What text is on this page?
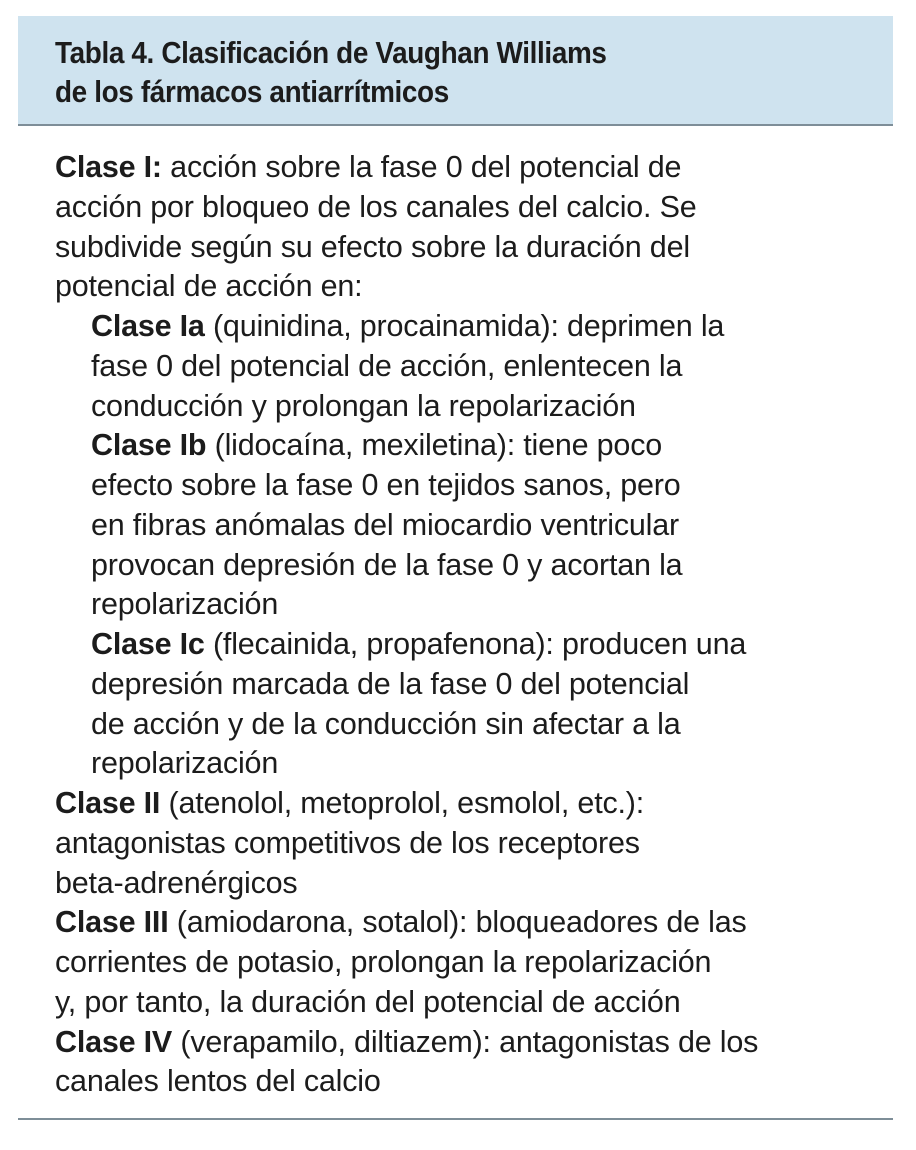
Tabla 4. Clasificación de Vaughan Williams
de los fármacos antiarrítmicos

Clase I: acción sobre la fase 0 del potencial de
acción por bloqueo de los canales del calcio. Se
subdivide según su efecto sobre la duración del
potencial de acción en:

Clase Ia (quinidina, procainamida): deprimen la
fase 0 del potencial de acción, enlentecen la
conducción y prolongan la repolarización

Clase Ib (lidocaína, mexiletina): tiene poco
efecto sobre la fase 0 en tejidos sanos, pero
en fibras anómalas del miocardio ventricular
provocan depresión de la fase 0 y acortan la
repolarización

Clase Ic (flecainida, propafenona): producen una
depresión marcada de la fase 0 del potencial
de acción y de la conducción sin afectar a la
repolarización

Clase II (atenolol, metoprolol, esmolol, etc.):
antagonistas competitivos de los receptores
beta-adrenérgicos

Clase III (amiodarona, sotalol): bloqueadores de las
corrientes de potasio, prolongan la repolarización
y, por tanto, la duración del potencial de acción

Clase IV (verapamilo, diltiazem): antagonistas de los
canales lentos del calcio
